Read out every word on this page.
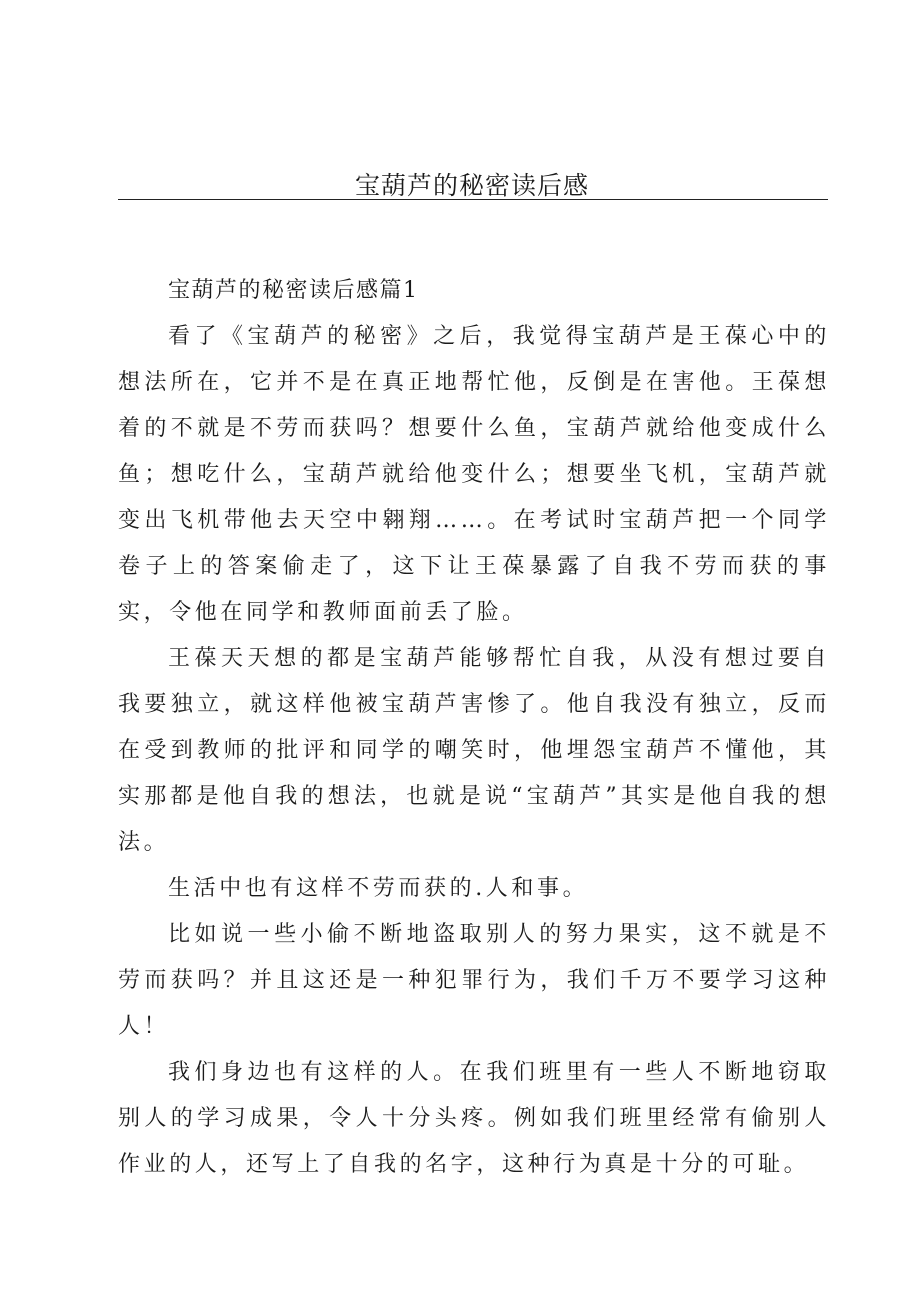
宝葫芦的秘密读后感

宝葫芦的秘密读后感篇1

看了《宝葫芦的秘密》之后，我觉得宝葫芦是王葆心中的想法所在，它并不是在真正地帮忙他，反倒是在害他。王葆想着的不就是不劳而获吗？想要什么鱼，宝葫芦就给他变成什么鱼；想吃什么，宝葫芦就给他变什么；想要坐飞机，宝葫芦就变出飞机带他去天空中翱翔……。在考试时宝葫芦把一个同学卷子上的答案偷走了，这下让王葆暴露了自我不劳而获的事实，令他在同学和教师面前丢了脸。

王葆天天想的都是宝葫芦能够帮忙自我，从没有想过要自我要独立，就这样他被宝葫芦害惨了。他自我没有独立，反而在受到教师的批评和同学的嘲笑时，他埋怨宝葫芦不懂他，其实那都是他自我的想法，也就是说“宝葫芦”其实是他自我的想法。

生活中也有这样不劳而获的.人和事。

比如说一些小偷不断地盗取别人的努力果实，这不就是不劳而获吗？并且这还是一种犯罪行为，我们千万不要学习这种人！

我们身边也有这样的人。在我们班里有一些人不断地窃取别人的学习成果，令人十分头疼。例如我们班里经常有偷别人作业的人，还写上了自我的名字，这种行为真是十分的可耻。
